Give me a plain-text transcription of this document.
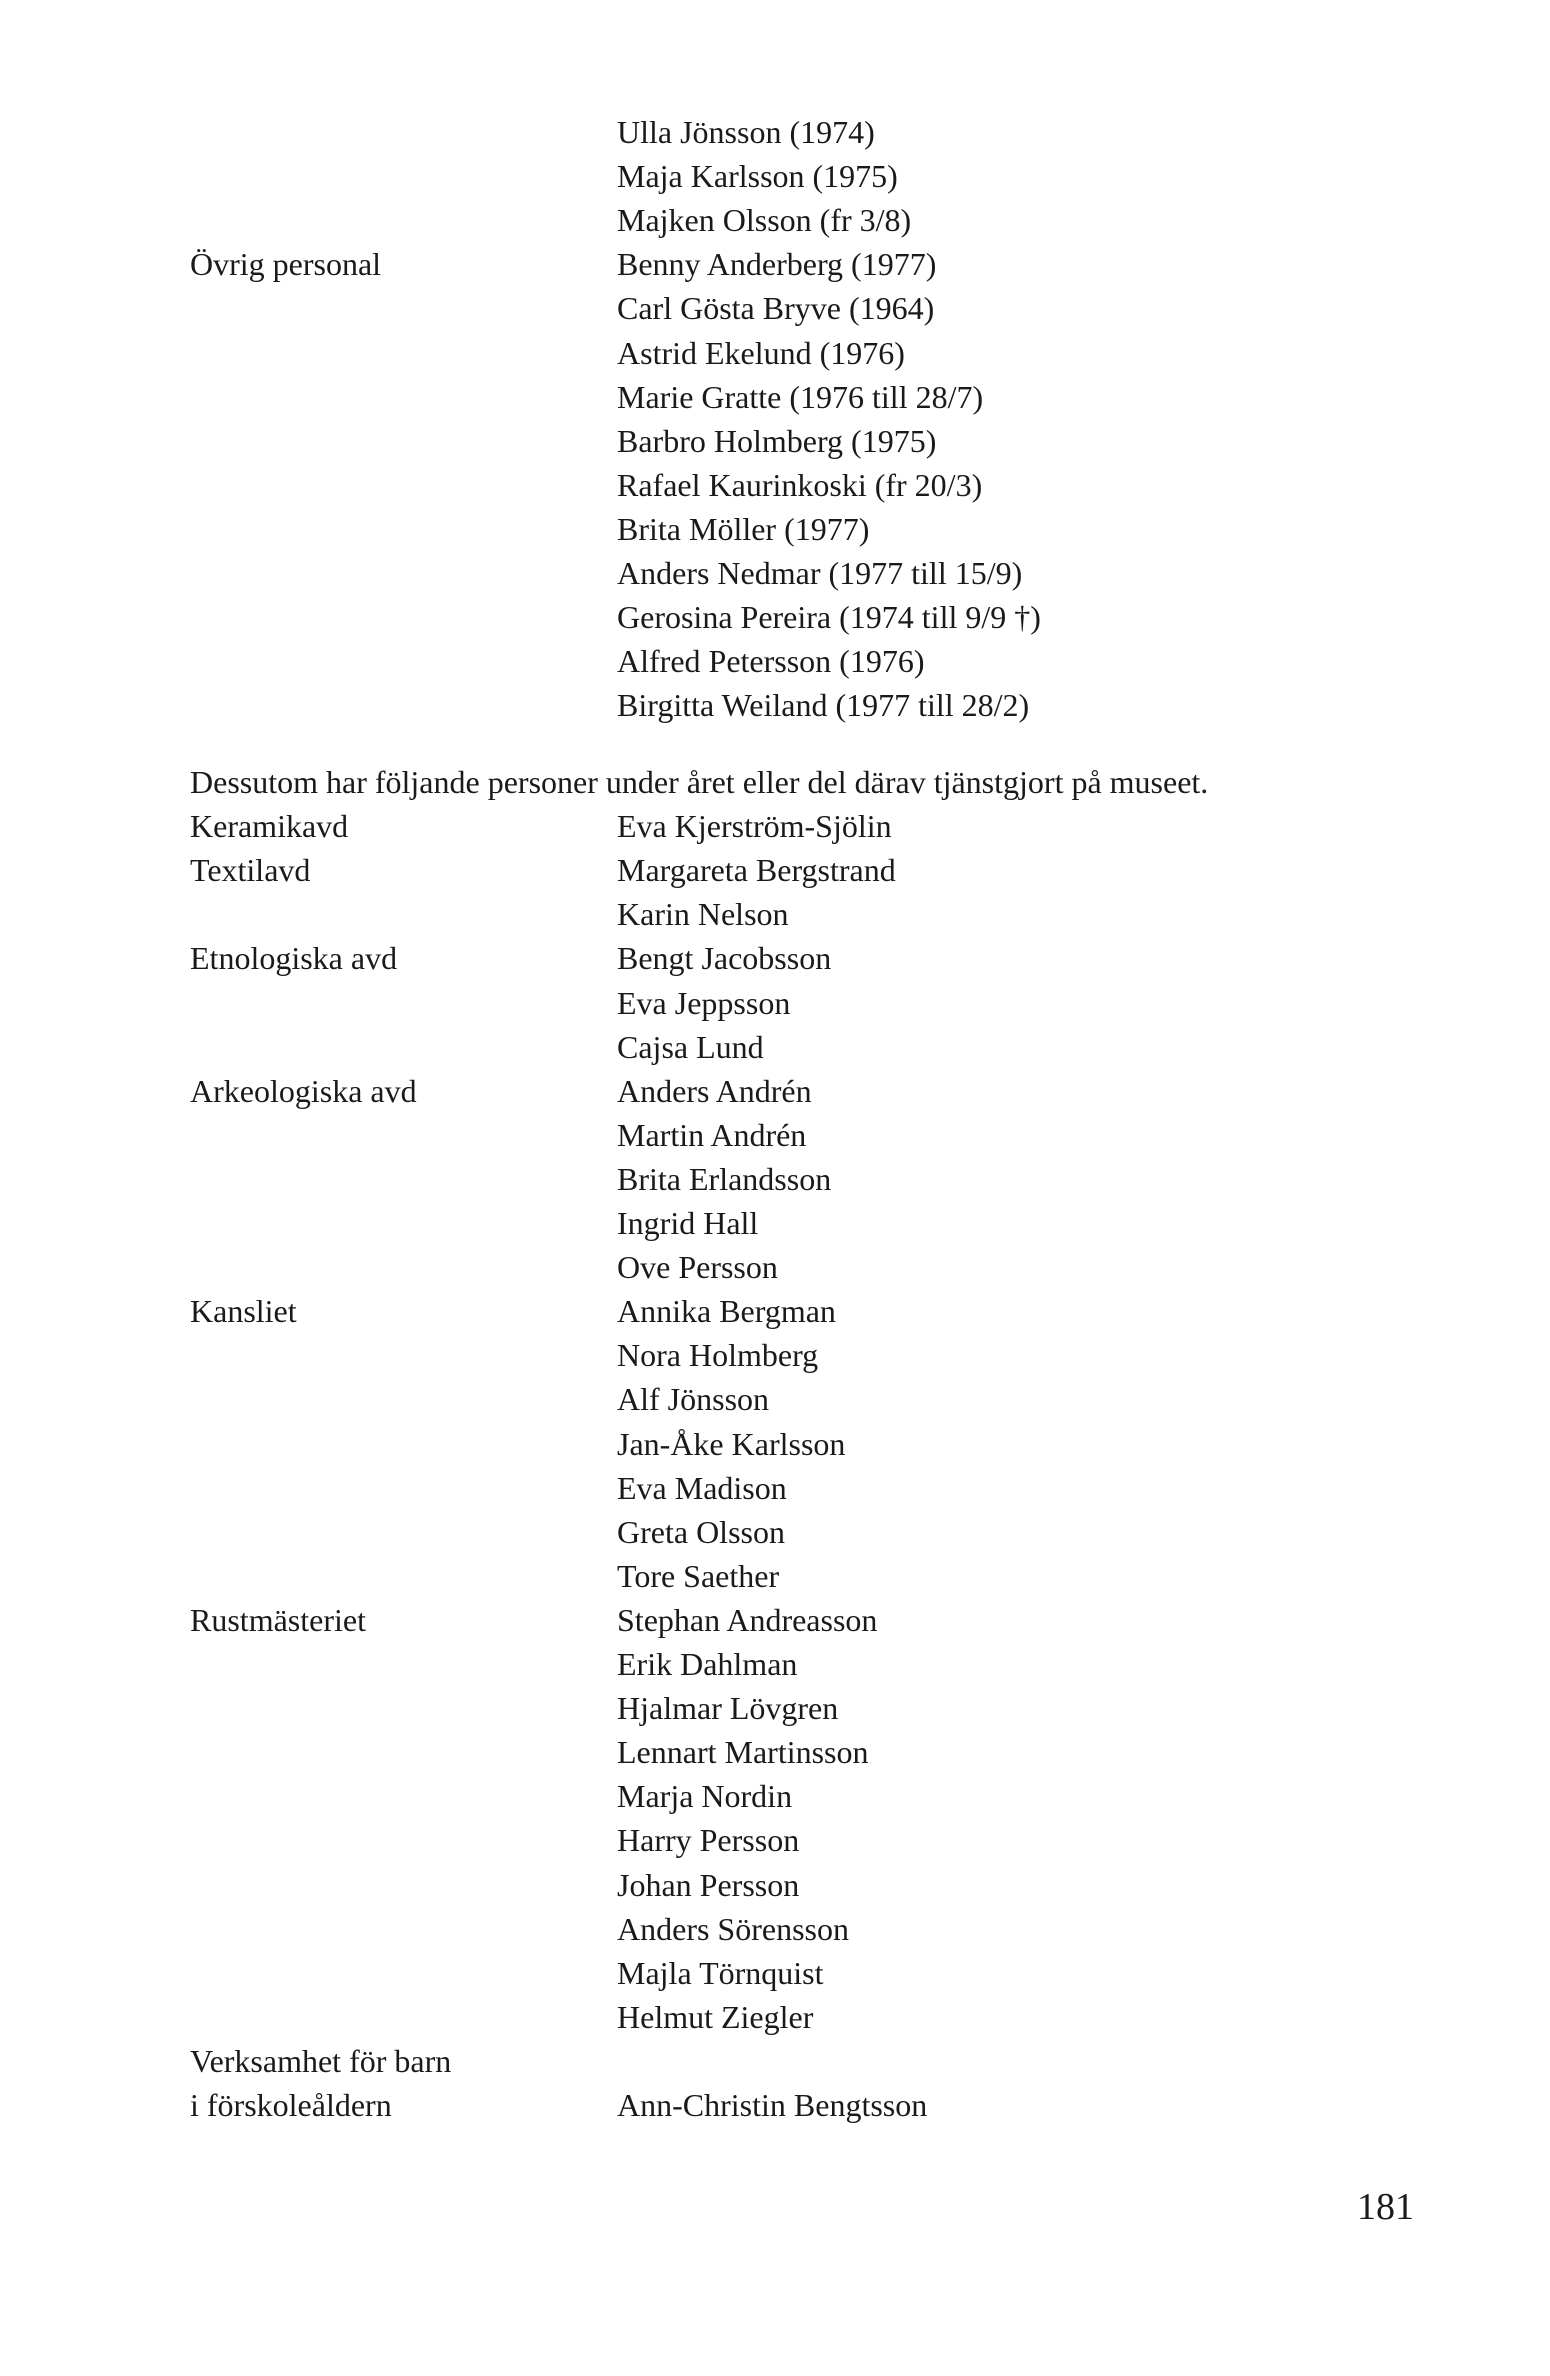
Ulla Jönsson (1974)
Maja Karlsson (1975)
Majken Olsson (fr 3/8)
Övrig personal	Benny Anderberg (1977)
Carl Gösta Bryve (1964)
Astrid Ekelund (1976)
Marie Gratte (1976 till 28/7)
Barbro Holmberg (1975)
Rafael Kaurinkoski (fr 20/3)
Brita Möller (1977)
Anders Nedmar (1977 till 15/9)
Gerosina Pereira (1974 till 9/9 †)
Alfred Petersson (1976)
Birgitta Weiland (1977 till 28/2)
Dessutom har följande personer under året eller del därav tjänstgjort på museet.
Keramikavd	Eva Kjerström-Sjölin
Textilavd	Margareta Bergstrand
Karin Nelson
Etnologiska avd	Bengt Jacobsson
Eva Jeppsson
Cajsa Lund
Arkeologiska avd	Anders Andrén
Martin Andrén
Brita Erlandsson
Ingrid Hall
Ove Persson
Kansliet	Annika Bergman
Nora Holmberg
Alf Jönsson
Jan-Åke Karlsson
Eva Madison
Greta Olsson
Tore Saether
Rustmästeriet	Stephan Andreasson
Erik Dahlman
Hjalmar Lövgren
Lennart Martinsson
Marja Nordin
Harry Persson
Johan Persson
Anders Sörensson
Majla Törnquist
Helmut Ziegler
Verksamhet för barn
i förskoleåldern	Ann-Christin Bengtsson
181
